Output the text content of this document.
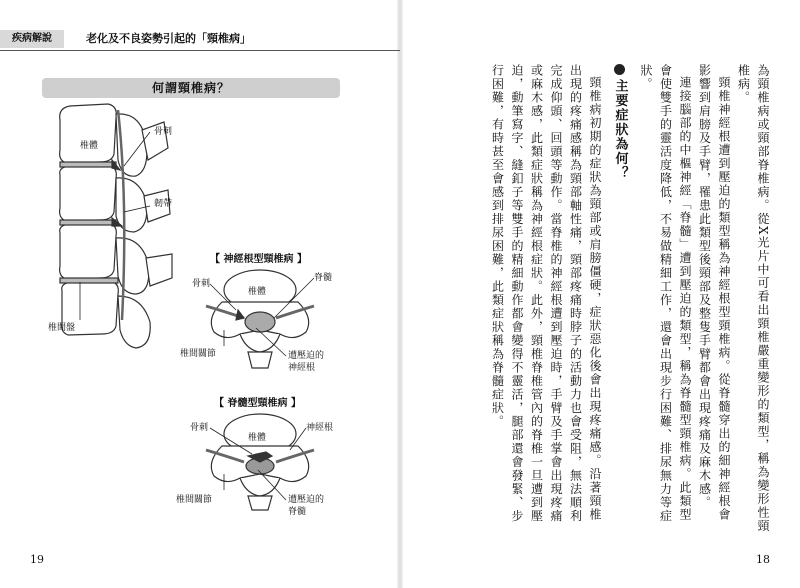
疾病解說	老化及不良姿勢引起的「頸椎病」
何謂頸椎病？
椎體
骨刺
韌帶
椎間盤
【 神經根型頸椎病 】
骨刺
椎體
脊髓
椎間關節	遭壓迫的
神經根
【 脊髓型頸椎病 】
骨刺	神經根
椎體
椎間關節	遭壓迫的
脊髓	為頸椎病或頸部脊椎病。從X光片中可看出頸椎嚴重變形的類型，稱為變形性頸椎病。

頸椎神經根遭到壓迫的類型稱為神經根型頸椎病。從脊髓穿出的細神經根會影響到肩膀及手臂，罹患此類型後頸部及整隻手臂都會出現疼痛及麻木感。

連接腦部的中樞神經「脊髓」遭到壓迫的類型，稱為脊髓型頸椎病。此類型會使雙手的靈活度降低，不易做精細工作，還會出現步行困難、排尿無力等症狀。

主要症狀為何？

頸椎病初期的症狀為頸部或肩膀僵硬，症狀惡化後會出現疼痛感。沿著頸椎出現的疼痛感稱為頸部軸性痛，頸部疼痛時脖子的活動力也會受阻，無法順利完成仰頭、回頭等動作。當脊椎的神經根遭到壓迫時，手臂及手掌會出現疼痛或麻木感，此類症狀稱為神經根症狀。此外，頸椎脊椎管內的脊椎一旦遭到壓迫，動筆寫字、縫釦子等雙手的精細動作都會變得不靈活，腿部還會發緊、步行困難，有時甚至會感到排尿困難，此類症狀稱為脊髓症狀。

19	18
